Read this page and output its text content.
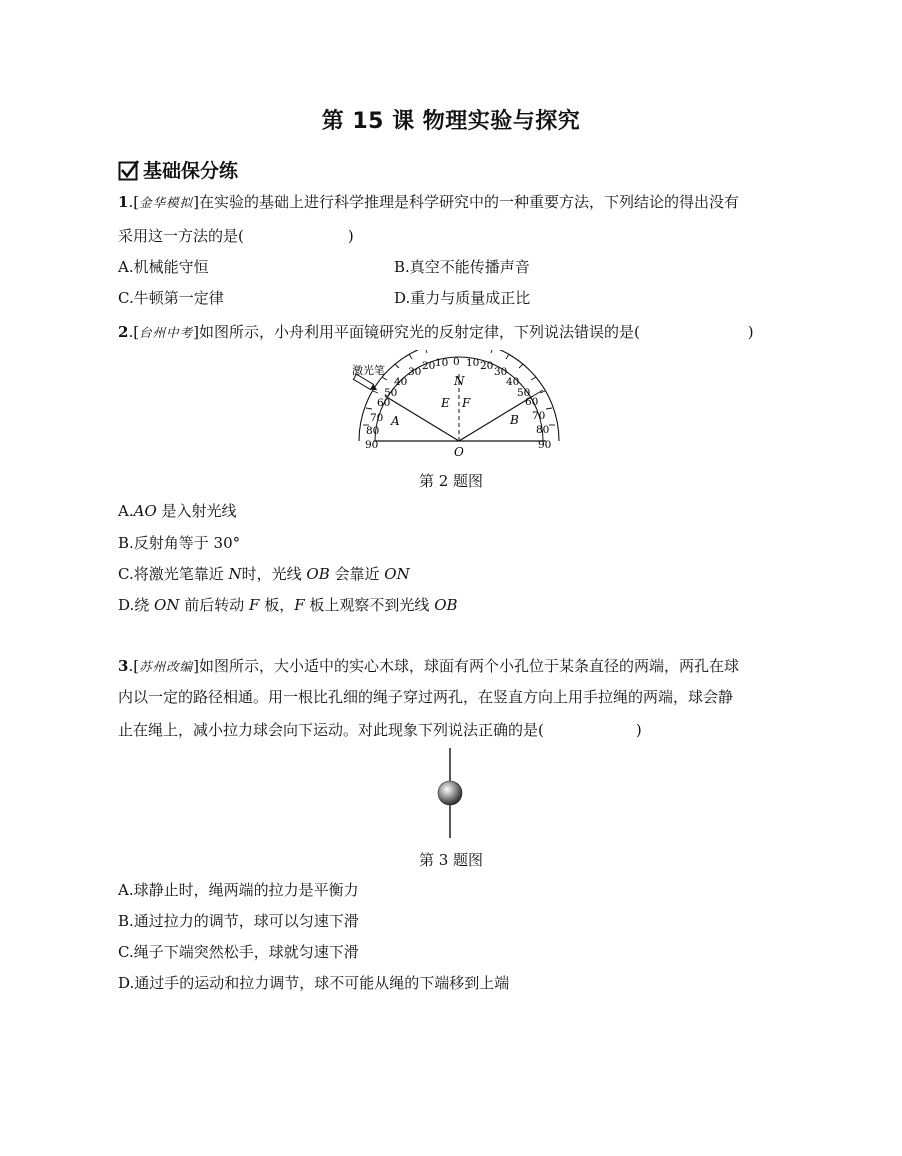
第 15 课 物理实验与探究
基础保分练
1.[金华模拟]在实验的基础上进行科学推理是科学研究中的一种重要方法，下列结论的得出没有
采用这一方法的是(	)
A.机械能守恒	B.真空不能传播声音
C.牛顿第一定律	D.重力与质量成正比
2.[台州中考]如图所示，小舟利用平面镜研究光的反射定律，下列说法错误的是(	)
激光笔
0
10
20
30
40
50
60
70
80
90
10 20 30
40
50
60
70
80
90
N
E F
A	B
O
第 2 题图
A.AO 是入射光线
B.反射角等于 30°
C.将激光笔靠近 N时，光线 OB 会靠近 ON
D.绕 ON 前后转动 F 板，F 板上观察不到光线 OB
3.[苏州改编]如图所示，大小适中的实心木球，球面有两个小孔位于某条直径的两端，两孔在球
内以一定的路径相通。用一根比孔细的绳子穿过两孔，在竖直方向上用手拉绳的两端，球会静
止在绳上，减小拉力球会向下运动。对此现象下列说法正确的是(	)
第 3 题图
A.球静止时，绳两端的拉力是平衡力
B.通过拉力的调节，球可以匀速下滑
C.绳子下端突然松手，球就匀速下滑
D.通过手的运动和拉力调节，球不可能从绳的下端移到上端
